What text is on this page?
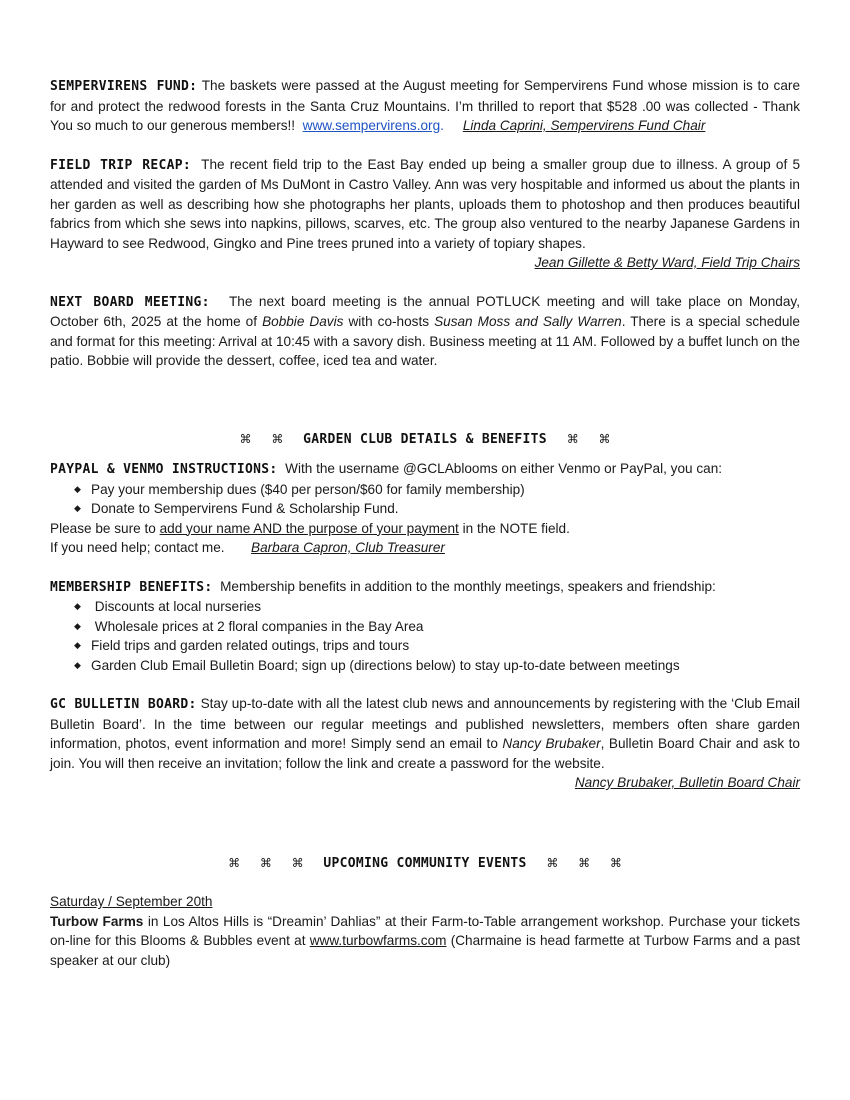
SEMPERVIRENS FUND: The baskets were passed at the August meeting for Sempervirens Fund whose mission is to care for and protect the redwood forests in the Santa Cruz Mountains. I’m thrilled to report that $528 .00 was collected - Thank You so much to our generous members!! www.sempervirens.org. Linda Caprini, Sempervirens Fund Chair

FIELD TRIP RECAP: The recent field trip to the East Bay ended up being a smaller group due to illness. A group of 5 attended and visited the garden of Ms DuMont in Castro Valley. Ann was very hospitable and informed us about the plants in her garden as well as describing how she photographs her plants, uploads them to photoshop and then produces beautiful fabrics from which she sews into napkins, pillows, scarves, etc. The group also ventured to the nearby Japanese Gardens in Hayward to see Redwood, Gingko and Pine trees pruned into a variety of topiary shapes.

Jean Gillette & Betty Ward, Field Trip Chairs

NEXT BOARD MEETING: The next board meeting is the annual POTLUCK meeting and will take place on Monday, October 6th, 2025 at the home of Bobbie Davis with co-hosts Susan Moss and Sally Warren. There is a special schedule and format for this meeting: Arrival at 10:45 with a savory dish. Business meeting at 11 AM. Followed by a buffet lunch on the patio. Bobbie will provide the dessert, coffee, iced tea and water.

⌘ ⌘ GARDEN CLUB DETAILS & BENEFITS ⌘ ⌘

PAYPAL & VENMO INSTRUCTIONS: With the username @GCLAblooms on either Venmo or PayPal, you can:

◆ Pay your membership dues ($40 per person/$60 for family membership)
◆ Donate to Sempervirens Fund & Scholarship Fund.

Please be sure to add your name AND the purpose of your payment in the NOTE field.

If you need help; contact me. Barbara Capron, Club Treasurer

MEMBERSHIP BENEFITS: Membership benefits in addition to the monthly meetings, speakers and friendship:

◆ Discounts at local nurseries
◆ Wholesale prices at 2 floral companies in the Bay Area
◆ Field trips and garden related outings, trips and tours
◆ Garden Club Email Bulletin Board; sign up (directions below) to stay up-to-date between meetings

GC BULLETIN BOARD: Stay up-to-date with all the latest club news and announcements by registering with the ‘Club Email Bulletin Board’. In the time between our regular meetings and published newsletters, members often share garden information, photos, event information and more! Simply send an email to Nancy Brubaker, Bulletin Board Chair and ask to join. You will then receive an invitation; follow the link and create a password for the website.

Nancy Brubaker, Bulletin Board Chair

⌘ ⌘ ⌘ UPCOMING COMMUNITY EVENTS ⌘ ⌘ ⌘

Saturday / September 20th

Turbow Farms in Los Altos Hills is “Dreamin’ Dahlias” at their Farm-to-Table arrangement workshop. Purchase your tickets on-line for this Blooms & Bubbles event at www.turbowfarms.com (Charmaine is head farmette at Turbow Farms and a past speaker at our club)
